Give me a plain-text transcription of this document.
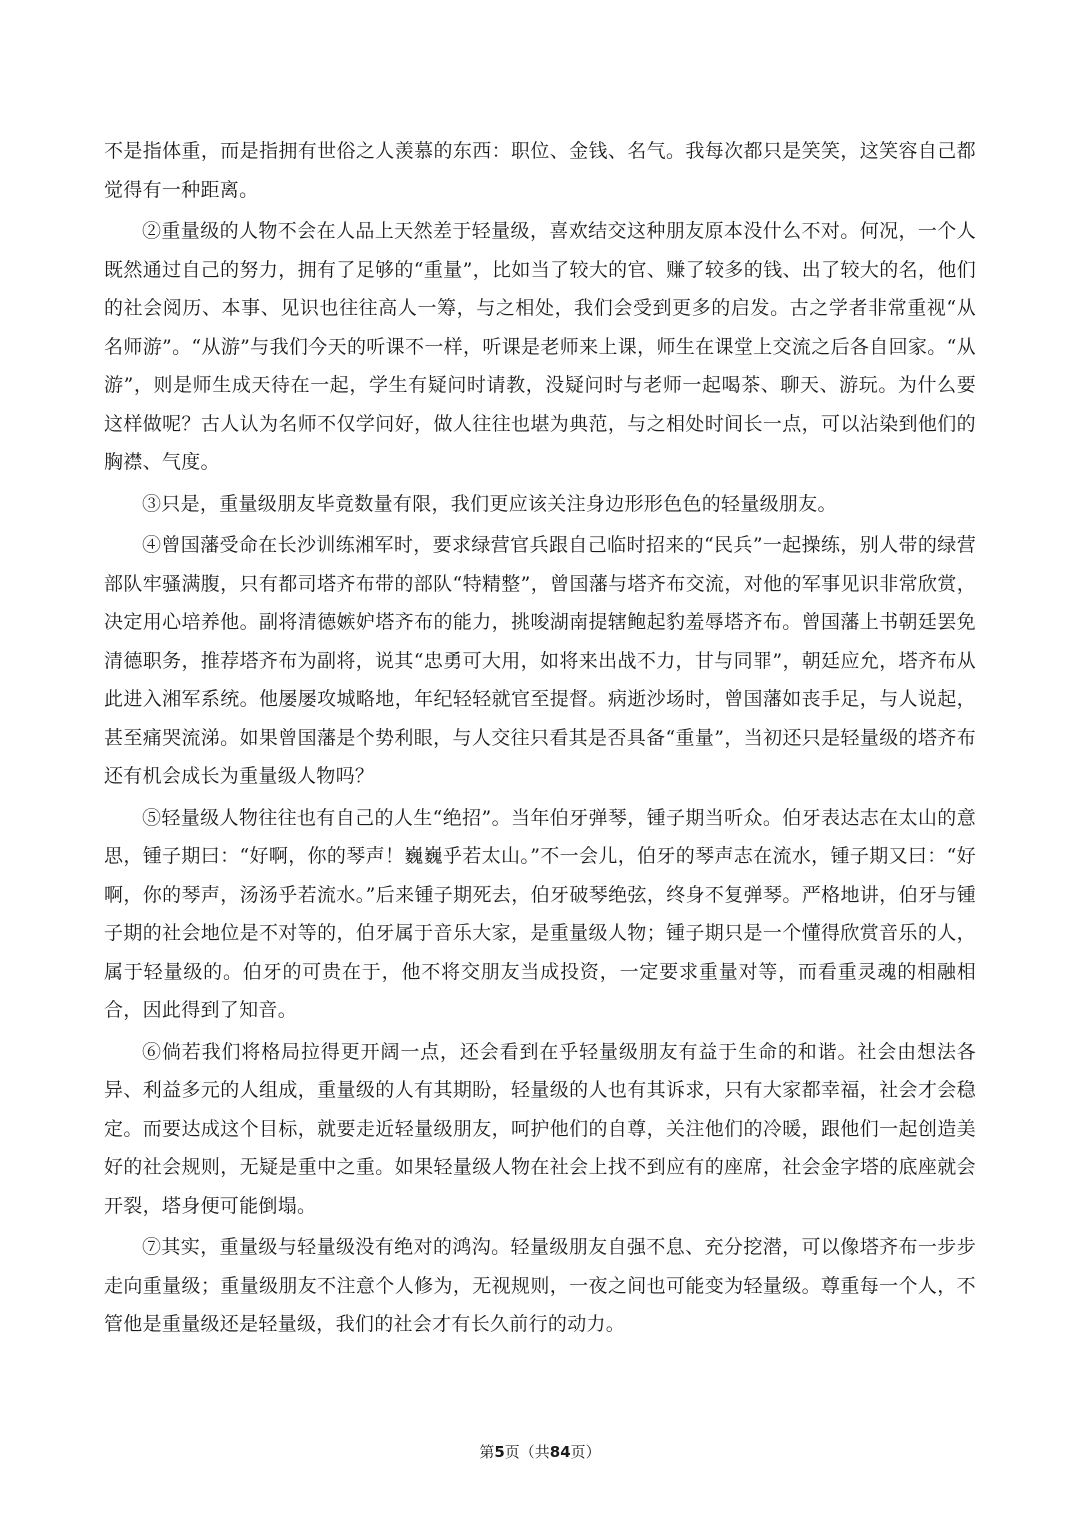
不是指体重，而是指拥有世俗之人羡慕的东西：职位、金钱、名气。我每次都只是笑笑，这笑容自己都觉得有一种距离。

②重量级的人物不会在人品上天然差于轻量级，喜欢结交这种朋友原本没什么不对。何况，一个人既然通过自己的努力，拥有了足够的“重量”，比如当了较大的官、赚了较多的钱、出了较大的名，他们的社会阅历、本事、见识也往往高人一筹，与之相处，我们会受到更多的启发。古之学者非常重视“从名师游”。“从游”与我们今天的听课不一样，听课是老师来上课，师生在课堂上交流之后各自回家。“从游”，则是师生成天待在一起，学生有疑问时请教，没疑问时与老师一起喝茶、聊天、游玩。为什么要这样做呢？古人认为名师不仅学问好，做人往往也堪为典范，与之相处时间长一点，可以沾染到他们的胸襟、气度。

③只是，重量级朋友毕竟数量有限，我们更应该关注身边形形色色的轻量级朋友。

④曾国藩受命在长沙训练湘军时，要求绿营官兵跟自己临时招来的“民兵”一起操练，别人带的绿营部队牢骚满腹，只有都司塔齐布带的部队“特精整”，曾国藩与塔齐布交流，对他的军事见识非常欣赏，决定用心培养他。副将清德嫉妒塔齐布的能力，挑唆湖南提辖鲍起豹羞辱塔齐布。曾国藩上书朝廷罢免清德职务，推荐塔齐布为副将，说其“忠勇可大用，如将来出战不力，甘与同罪”，朝廷应允，塔齐布从此进入湘军系统。他屡屡攻城略地，年纪轻轻就官至提督。病逝沙场时，曾国藩如丧手足，与人说起，甚至痛哭流涕。如果曾国藩是个势利眼，与人交往只看其是否具备“重量”，当初还只是轻量级的塔齐布还有机会成长为重量级人物吗？

⑤轻量级人物往往也有自己的人生“绝招”。当年伯牙弹琴，锺子期当听众。伯牙表达志在太山的意思，锺子期曰：“好啊，你的琴声！巍巍乎若太山。”不一会儿，伯牙的琴声志在流水，锺子期又曰：“好啊，你的琴声，汤汤乎若流水。”后来锺子期死去，伯牙破琴绝弦，终身不复弹琴。严格地讲，伯牙与锺子期的社会地位是不对等的，伯牙属于音乐大家，是重量级人物；锺子期只是一个懂得欣赏音乐的人，属于轻量级的。伯牙的可贵在于，他不将交朋友当成投资，一定要求重量对等，而看重灵魂的相融相合，因此得到了知音。

⑥倘若我们将格局拉得更开阔一点，还会看到在乎轻量级朋友有益于生命的和谐。社会由想法各异、利益多元的人组成，重量级的人有其期盼，轻量级的人也有其诉求，只有大家都幸福，社会才会稳定。而要达成这个目标，就要走近轻量级朋友，呵护他们的自尊，关注他们的冷暖，跟他们一起创造美好的社会规则，无疑是重中之重。如果轻量级人物在社会上找不到应有的座席，社会金字塔的底座就会开裂，塔身便可能倒塌。

⑦其实，重量级与轻量级没有绝对的鸿沟。轻量级朋友自强不息、充分挖潜，可以像塔齐布一步步走向重量级；重量级朋友不注意个人修为，无视规则，一夜之间也可能变为轻量级。尊重每一个人，不管他是重量级还是轻量级，我们的社会才有长久前行的动力。

第5页（共84页）
